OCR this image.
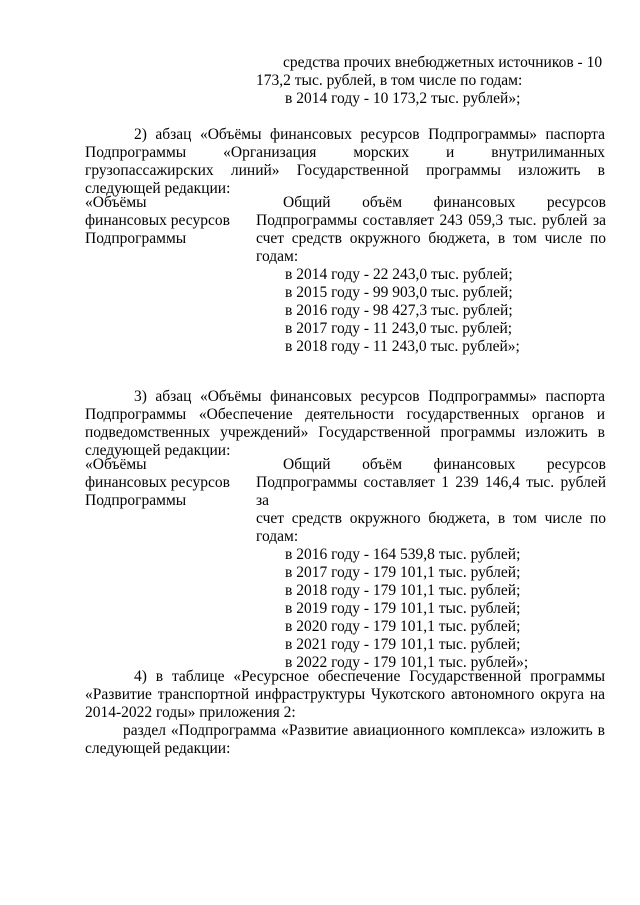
средства прочих внебюджетных источников - 10

173,2 тыс. рублей, в том числе по годам:

в 2014 году - 10 173,2 тыс. рублей»;

2) абзац «Объёмы финансовых ресурсов Подпрограммы» паспорта Подпрограммы «Организация морских и внутрилиманных грузопассажирских линий» Государственной программы изложить в следующей редакции:

«Объёмы

финансовых ресурсов

Подпрограммы

Общий объём финансовых ресурсов
Подпрограммы составляет 243 059,3 тыс. рублей за
счет средств окружного бюджета, в том числе по

годам:

в 2014 году - 22 243,0 тыс. рублей;

в 2015 году - 99 903,0 тыс. рублей;

в 2016 году - 98 427,3 тыс. рублей;

в 2017 году - 11 243,0 тыс. рублей;

в 2018 году - 11 243,0 тыс. рублей»;

3) абзац «Объёмы финансовых ресурсов Подпрограммы» паспорта Подпрограммы «Обеспечение деятельности государственных органов и подведомственных учреждений» Государственной программы изложить в следующей редакции:

«Объёмы

финансовых ресурсов

Подпрограммы

Общий объём финансовых ресурсов
Подпрограммы составляет 1 239 146,4 тыс. рублей за
счет средств окружного бюджета, в том числе по

годам:

в 2016 году - 164 539,8 тыс. рублей;

в 2017 году - 179 101,1 тыс. рублей;

в 2018 году - 179 101,1 тыс. рублей;

в 2019 году - 179 101,1 тыс. рублей;

в 2020 году - 179 101,1 тыс. рублей;

в 2021 году - 179 101,1 тыс. рублей;

в 2022 году - 179 101,1 тыс. рублей»;

4) в таблице «Ресурсное обеспечение Государственной программы «Развитие транспортной инфраструктуры Чукотского автономного округа на 2014-2022 годы» приложения 2:

раздел «Подпрограмма «Развитие авиационного комплекса» изложить в следующей редакции:
